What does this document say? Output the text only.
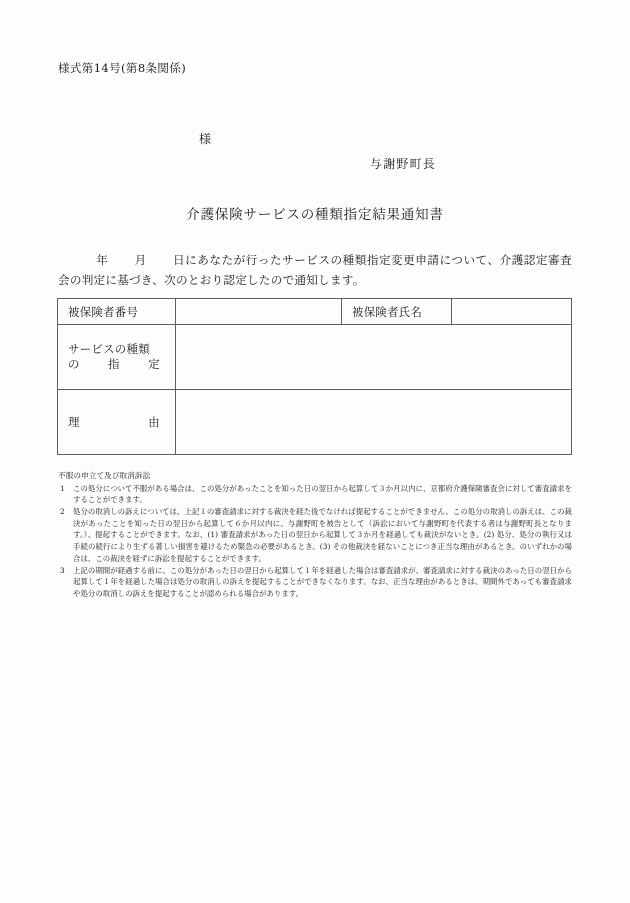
様式第14号(第8条関係)
様
与謝野町長
介護保険サービスの種類指定結果通知書
年 月 日にあなたが行ったサービスの種類指定変更申請について、介護認定審査会の判定に基づき、次のとおり認定したので通知します。
被保険者番号		被保険者氏名	

サービスの種類
の指定			

理由			
不服の申立て及び取消訴訟
1	この処分について不服がある場合は、この処分があったことを知った日の翌日から起算して３か月以内に、京都府介護保険審査会に対して審査請求をすることができます。
2	処分の取消しの訴えについては、上記１の審査請求に対する裁決を経た後でなければ提起することができません。この処分の取消しの訴えは、この裁決があったことを知った日の翌日から起算して６か月以内に、与謝野町を被告として（訴訟において与謝野町を代表する者は与謝野町長となります。）、提起することができます。なお、(1) 審査請求があった日の翌日から起算して３か月を経過しても裁決がないとき。(2) 処分、処分の執行又は手続の続行により生ずる著しい損害を避けるため緊急の必要があるとき。(3) その他裁決を経ないことにつき正当な理由があるとき。のいずれかの場合は、この裁決を経ずに訴訟を提起することができます。
3	上記の期間が経過する前に、この処分があった日の翌日から起算して１年を経過した場合は審査請求が、審査請求に対する裁決のあった日の翌日から起算して１年を経過した場合は処分の取消しの訴えを提起することができなくなります。なお、正当な理由があるときは、期間外であっても審査請求や処分の取消しの訴えを提起することが認められる場合があります。
